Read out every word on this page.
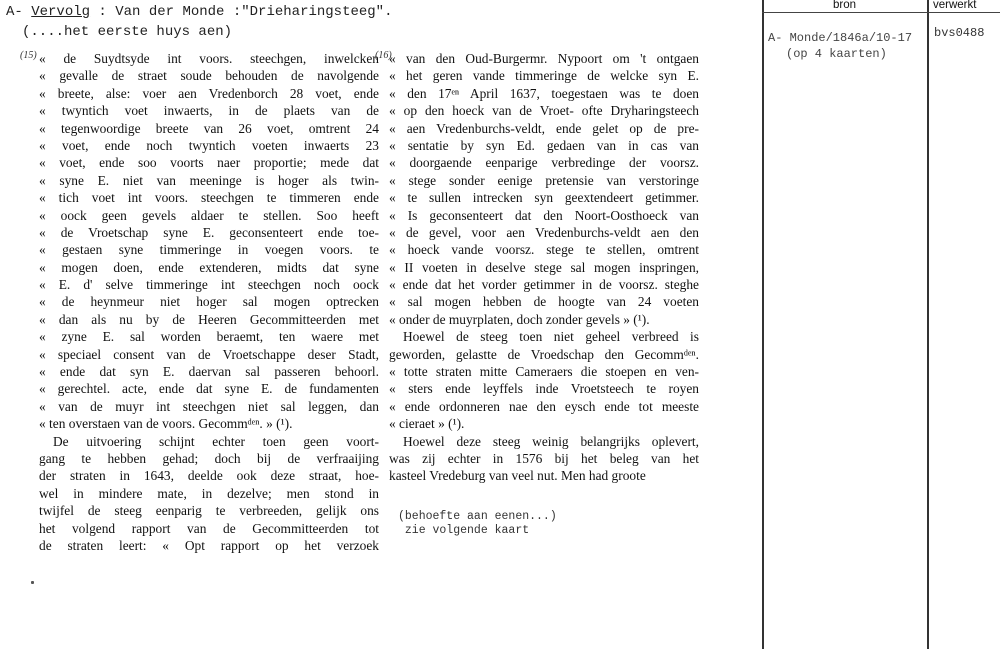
A- Vervolg : Van der Monde :"Drieharingsteeg".
(....het eerste huys aen)
(15) « de Suydtsyde int voors. steechgen, inwelcken
« gevalle de straet soude behouden de navolgende
« breete, alse: voer aen Vredenborch 28 voet, ende
« twyntich voet inwaerts, in de plaets van de
« tegenwoordige breete van 26 voet, omtrent 24
« voet, ende noch twyntich voeten inwaerts 23
« voet, ende soo voorts naer proportie; mede dat
« syne E. niet van meeninge is hoger als twin-
« tich voet int voors. steechgen te timmeren ende
« oock geen gevels aldaer te stellen. Soo heeft
« de Vroetschap syne E. geconsenteert ende toe-
« gestaen syne timmeringe in voegen voors. te
« mogen doen, ende extenderen, midts dat syne
« E. d' selve timmeringe int steechgen noch oock
« de heynmeur niet hoger sal mogen optrecken
« dan als nu by de Heeren Gecommitteerden met
« zyne E. sal worden beraemt, ten waere met
« speciael consent van de Vroetschappe deser Stadt,
« ende dat syn E. daervan sal passeren behoorl.
« gerechtel. acte, ende dat syne E. de fundamenten
« van de muyr int steechgen niet sal leggen, dan
« ten overstaen van de voors. Gecommᵈᵉⁿ. » (¹).
De uitvoering schijnt echter toen geen voort-
gang te hebben gehad; doch bij de verfraaijing
der straten in 1643, deelde ook deze straat, hoe-
wel in mindere mate, in dezelve; men stond in
twijfel de steeg eenparig te verbreeden, gelijk ons
het volgend rapport van de Gecommitteerden tot
de straten leert: « Opt rapport op het verzoek
(16)
« van den Oud-Burgermr. Nypoort om 't ontgaen
« het geren vande timmeringe de welcke syn E.
« den 17ᵉⁿ April 1637, toegestaen was te doen
« op den hoeck van de Vroet- ofte Dryharingsteech
« aen Vredenburchs-veldt, ende gelet op de pre-
« sentatie by syn Ed. gedaen van in cas van
« doorgaende eenparige verbredinge der voorsz.
« stege sonder eenige pretensie van verstoringe
« te sullen intrecken syn geextendeert getimmer.
« Is geconsenteert dat den Noort-Oosthoeck van
« de gevel, voor aen Vredenburchs-veldt aen den
« hoeck vande voorsz. stege te stellen, omtrent
« II voeten in deselve stege sal mogen inspringen,
« ende dat het vorder getimmer in de voorsz. steghe
« sal mogen hebben de hoogte van 24 voeten
« onder de muyrplaten, doch zonder gevels » (¹).
Hoewel de steeg toen niet geheel verbreed is
geworden, gelastte de Vroedschap den Gecommᵈᵉⁿ.
« totte straten mitte Cameraers die stoepen en ven-
« sters ende leyffels inde Vroetsteech te royen
« ende ordonneren nae den eysch ende tot meeste
« cieraet » (¹).
Hoewel deze steeg weinig belangrijks oplevert,
was zij echter in 1576 bij het beleg van het
kasteel Vredeburg van veel nut. Men had groote
(behoefte aan eenen...)
zie volgende kaart
bron	verwerkt
A- Monde/1846a/10-17
(op 4 kaarten)
bvs0488
